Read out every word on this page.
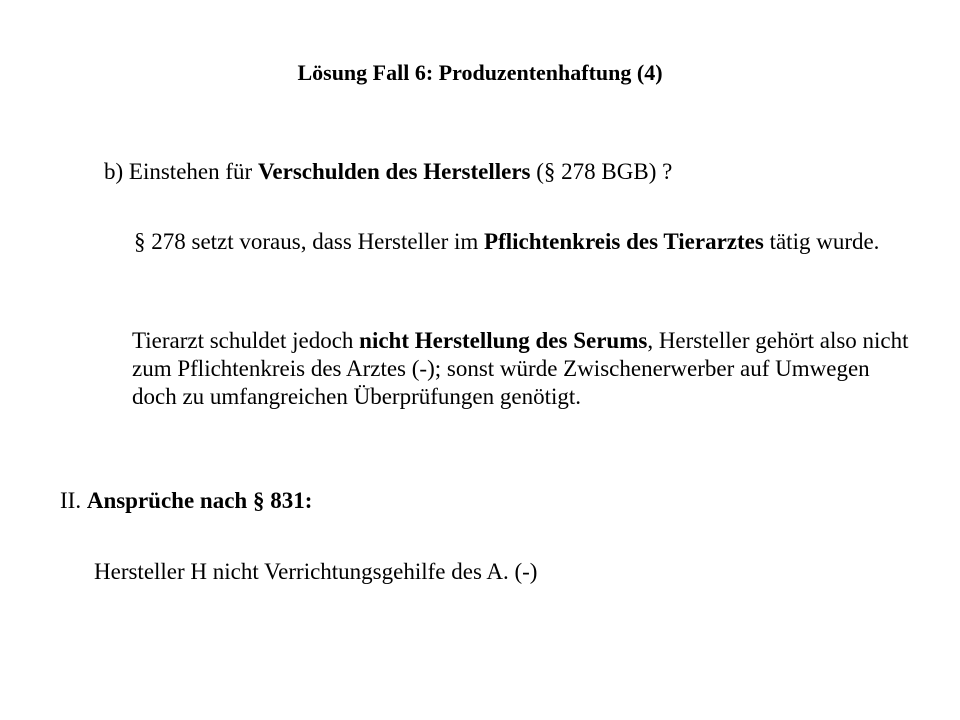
Lösung Fall 6: Produzentenhaftung (4)
b) Einstehen für Verschulden des Herstellers (§ 278 BGB) ?
§ 278 setzt voraus, dass Hersteller im Pflichtenkreis des Tierarztes tätig wurde.
Tierarzt schuldet jedoch nicht Herstellung des Serums, Hersteller gehört also nicht zum Pflichtenkreis des Arztes (-); sonst würde Zwischenerwerber auf Umwegen doch zu umfangreichen Überprüfungen genötigt.
II. Ansprüche nach § 831:
Hersteller H nicht Verrichtungsgehilfe des A. (-)
